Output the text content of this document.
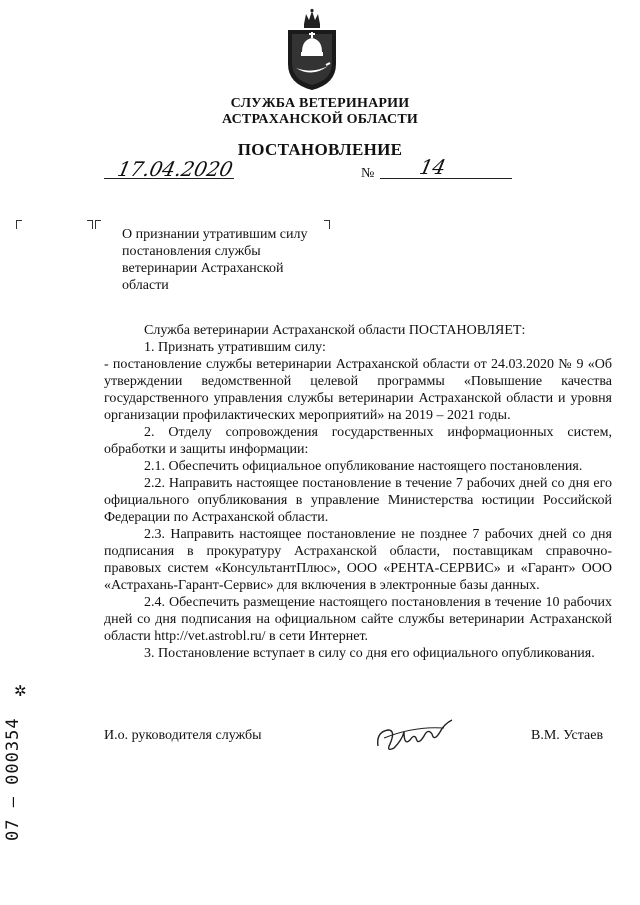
СЛУЖБА ВЕТЕРИНАРИИ
АСТРАХАНСКОЙ ОБЛАСТИ
ПОСТАНОВЛЕНИЕ
17.04.2020	№ 14
О признании утратившим силу постановления службы ветеринарии Астраханской области

Служба ветеринарии Астраханской области ПОСТАНОВЛЯЕТ:

1. Признать утратившим силу:

- постановление службы ветеринарии Астраханской области от 24.03.2020 № 9 «Об утверждении ведомственной целевой программы «Повышение качества государственного управления службы ветеринарии Астраханской области и уровня организации профилактических мероприятий» на 2019 – 2021 годы.

2. Отделу сопровождения государственных информационных систем, обработки и защиты информации:

2.1. Обеспечить официальное опубликование настоящего постановления.

2.2. Направить настоящее постановление в течение 7 рабочих дней со дня его официального опубликования в управление Министерства юстиции Российской Федерации по Астраханской области.

2.3. Направить настоящее постановление не позднее 7 рабочих дней со дня подписания в прокуратуру Астраханской области, поставщикам справочно-правовых систем «КонсультантПлюс», ООО «РЕНТА-СЕРВИС» и «Гарант» ООО «Астрахань-Гарант-Сервис» для включения в электронные базы данных.

2.4. Обеспечить размещение настоящего постановления в течение 10 рабочих дней со дня подписания на официальном сайте службы ветеринарии Астраханской области http://vet.astrobl.ru/ в сети Интернет.

3. Постановление вступает в силу со дня его официального опубликования.

И.о. руководителя службы	В.М. Устаев
✲
07 – 000354
